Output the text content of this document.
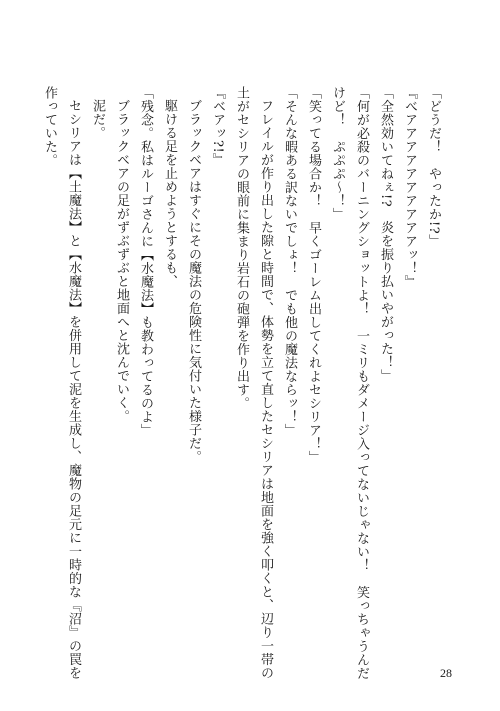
「どうだ！　やったか!?」
『べアアアアアアアアアアッ！』
「全然効いてねぇ!?　炎を振り払いやがった！」
「何が必殺のバーニングショットよ！　一ミリもダメージ入ってないじゃない！　笑っちゃうんだ
けど！　ぷぷぷ～！」
「笑ってる場合か！　早くゴーレム出してくれよセシリア！」
「そんな暇ある訳ないでしょ！　でも他の魔法ならッ！」
フレイルが作り出した隙と時間で、体勢を立て直したセシリアは地面を強く叩くと、辺り一帯の
土がセシリアの眼前に集まり岩石の砲弾を作り出す。
『ベアッ?!』
ブラックベアはすぐにその魔法の危険性に気付いた様子だ。
駆ける足を止めようとするも、
「残念。私はルーゴさんに【水魔法】も教わってるのよ」
ブラックベアの足がずぶずぶと地面へと沈んでいく。
泥だ。
セシリアは【土魔法】と【水魔法】を併用して泥を生成し、魔物の足元に一時的な『沼』の罠を
作っていた。
28
